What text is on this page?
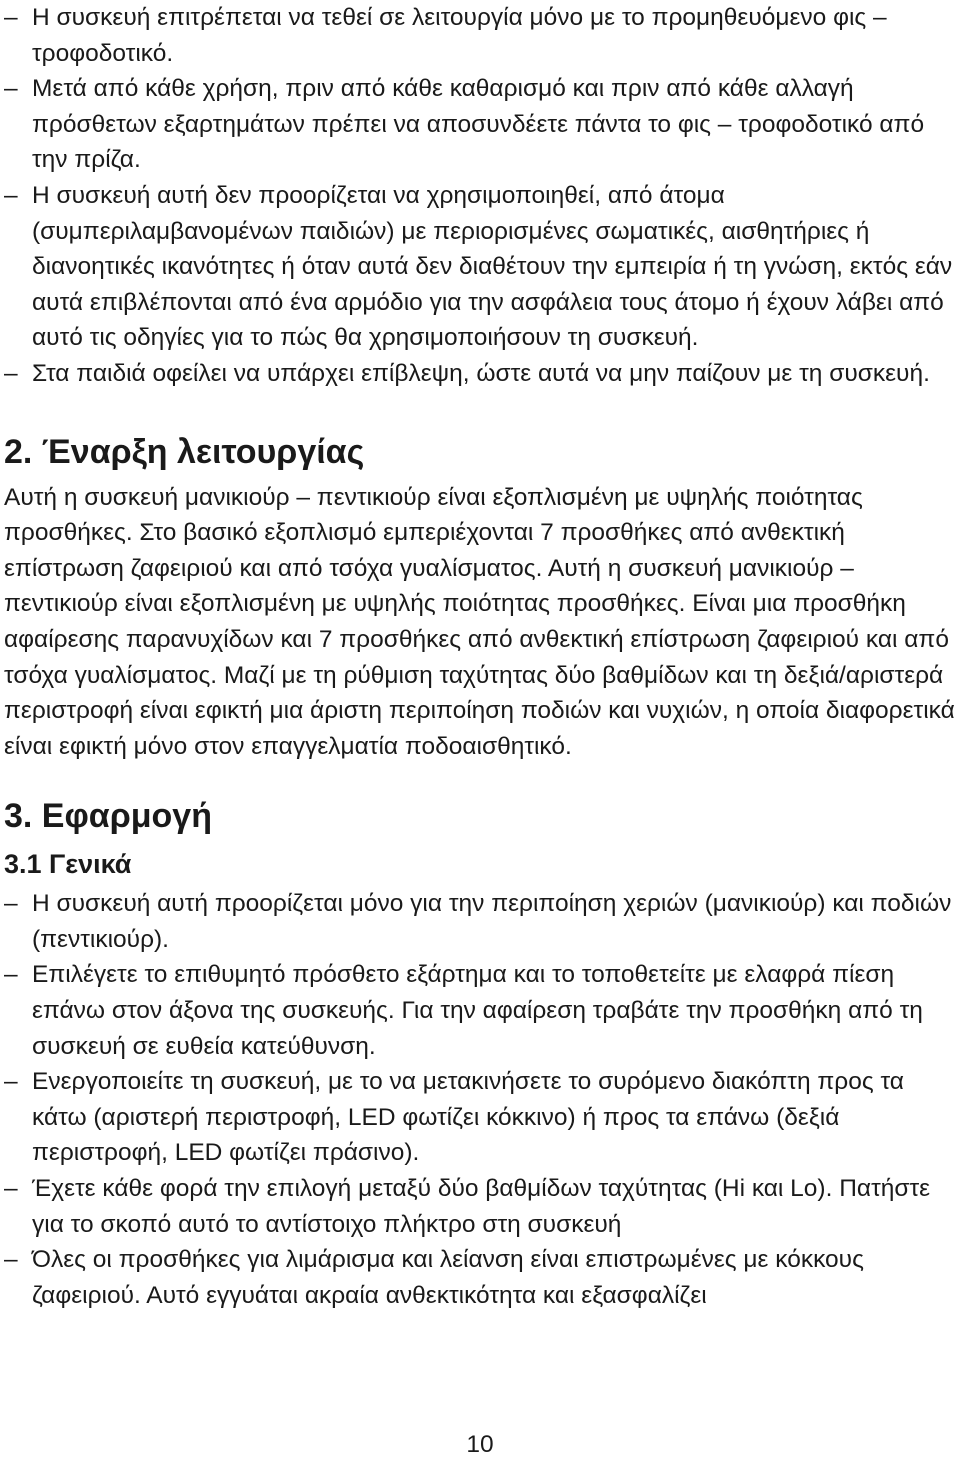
– Η συσκευή επιτρέπεται να τεθεί σε λειτουργία μόνο με το προμηθευόμενο φις – τροφοδοτικό.
– Μετά από κάθε χρήση, πριν από κάθε καθαρισμό και πριν από κάθε αλλαγή πρόσθετων εξαρτημάτων πρέπει να αποσυνδέετε πάντα το φις – τροφοδοτικό από την πρίζα.
– Η συσκευή αυτή δεν προορίζεται να χρησιμοποιηθεί, από άτομα (συμπεριλαμβανομένων παιδιών) με περιορισμένες σωματικές, αισθητήριες ή διανοητικές ικανότητες ή όταν αυτά δεν διαθέτουν την εμπειρία ή τη γνώση, εκτός εάν αυτά επιβλέπονται από ένα αρμόδιο για την ασφάλεια τους άτομο ή έχουν λάβει από αυτό τις οδηγίες για το πώς θα χρησιμοποιήσουν τη συσκευή.
– Στα παιδιά οφείλει να υπάρχει επίβλεψη, ώστε αυτά να μην παίζουν με τη συσκευή.
2. Έναρξη λειτουργίας

Αυτή η συσκευή μανικιούρ – πεντικιούρ είναι εξοπλισμένη με υψηλής ποιότητας προσθήκες. Στο βασικό εξοπλισμό εμπεριέχονται 7 προσθήκες από ανθεκτική επίστρωση ζαφειριού και από τσόχα γυαλίσματος. Αυτή η συσκευή μανικιούρ – πεντικιούρ είναι εξοπλισμένη με υψηλής ποιότητας προσθήκες. Είναι μια προσθήκη αφαίρεσης παρανυχίδων και 7 προσθήκες από ανθεκτική επίστρωση ζαφειριού και από τσόχα γυαλίσματος. Μαζί με τη ρύθμιση ταχύτητας δύο βαθμίδων και τη δεξιά/αριστερά περιστροφή είναι εφικτή μια άριστη περιποίηση ποδιών και νυχιών, η οποία διαφορετικά είναι εφικτή μόνο στον επαγγελματία ποδοαισθητικό.

3. Εφαρμογή
3.1 Γενικά
– Η συσκευή αυτή προορίζεται μόνο για την περιποίηση χεριών (μανικιούρ) και ποδιών (πεντικιούρ).
– Επιλέγετε το επιθυμητό πρόσθετο εξάρτημα και το τοποθετείτε με ελαφρά πίεση επάνω στον άξονα της συσκευής. Για την αφαίρεση τραβάτε την προσθήκη από τη συσκευή σε ευθεία κατεύθυνση.
– Ενεργοποιείτε τη συσκευή, με το να μετακινήσετε το συρόμενο διακόπτη προς τα κάτω (αριστερή περιστροφή, LED φωτίζει κόκκινο) ή προς τα επάνω (δεξιά περιστροφή, LED φωτίζει πράσινο).
– Έχετε κάθε φορά την επιλογή μεταξύ δύο βαθμίδων ταχύτητας (Hi και Lo). Πατήστε για το σκοπό αυτό το αντίστοιχο πλήκτρο στη συσκευή
– Όλες οι προσθήκες για λιμάρισμα και λείανση είναι επιστρωμένες με κόκκους ζαφειριού. Αυτό εγγυάται ακραία ανθεκτικότητα και εξασφαλίζει
10
